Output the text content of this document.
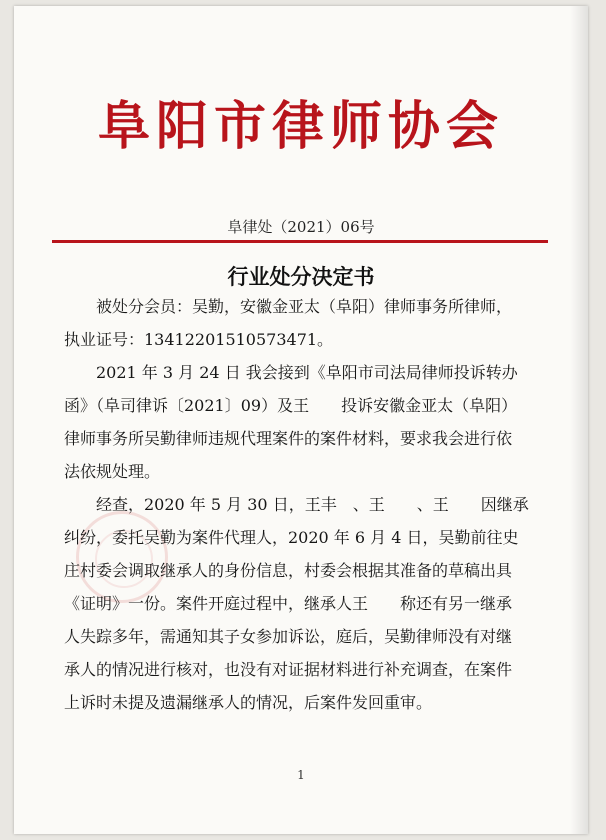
阜阳市律师协会
阜律处（2021）06号
行业处分决定书
被处分会员：吴勤，安徽金亚太（阜阳）律师事务所律师，
执业证号：13412201510573471。
2021 年 3 月 24 日 我会接到《阜阳市司法局律师投诉转办
函》（阜司律诉〔2021〕09）及王　　投诉安徽金亚太（阜阳）
律师事务所吴勤律师违规代理案件的案件材料，要求我会进行依
法依规处理。
经查，2020 年 5 月 30 日，王丰　、王　　、王　　因继承
纠纷，委托吴勤为案件代理人，2020 年 6 月 4 日，吴勤前往史
庄村委会调取继承人的身份信息，村委会根据其准备的草稿出具
《证明》一份。案件开庭过程中，继承人王　　称还有另一继承
人失踪多年，需通知其子女参加诉讼，庭后，吴勤律师没有对继
承人的情况进行核对，也没有对证据材料进行补充调查，在案件
上诉时未提及遗漏继承人的情况，后案件发回重审。
1
